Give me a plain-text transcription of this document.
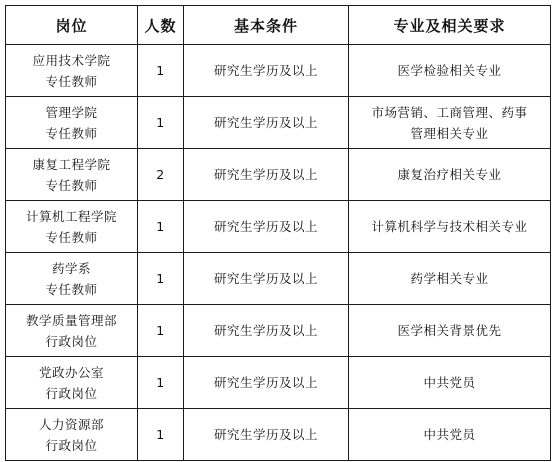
岗位	人数	基本条件	专业及相关要求

应用技术学院
专任教师	1	研究生学历及以上	医学检验相关专业

管理学院
专任教师	1	研究生学历及以上	市场营销、工商管理、药事
管理相关专业

康复工程学院
专任教师	2	研究生学历及以上	康复治疗相关专业

计算机工程学院
专任教师	1	研究生学历及以上	计算机科学与技术相关专业

药学系
专任教师	1	研究生学历及以上	药学相关专业

教学质量管理部
行政岗位	1	研究生学历及以上	医学相关背景优先

党政办公室
行政岗位	1	研究生学历及以上	中共党员

人力资源部
行政岗位	1	研究生学历及以上	中共党员
